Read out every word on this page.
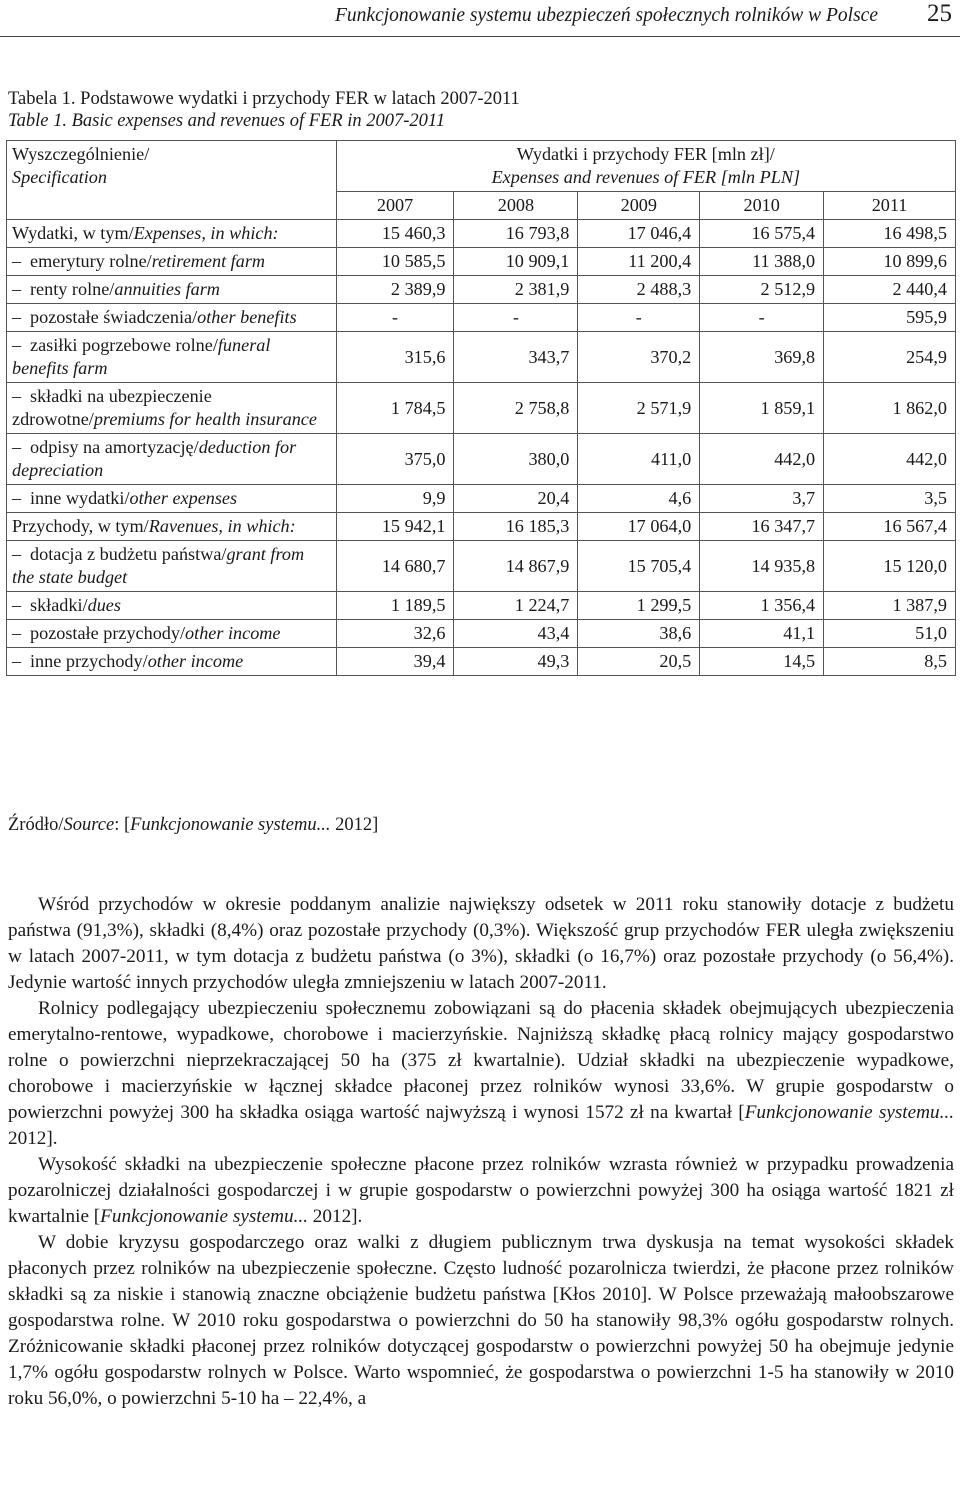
Funkcjonowanie systemu ubezpieczeń społecznych rolników w Polsce 25
Tabela 1. Podstawowe wydatki i przychody FER w latach 2007-2011
Table 1. Basic expenses and revenues of FER in 2007-2011
Wyszczególnienie/
Specification	Wydatki i przychody FER [mln zł]/
Expenses and revenues of FER [mln PLN]				
	2007	2008	2009	2010	2011
Wydatki, w tym/Expenses, in which:	15 460,3	16 793,8	17 046,4	16 575,4	16 498,5
– emerytury rolne/retirement farm	10 585,5	10 909,1	11 200,4	11 388,0	10 899,6
– renty rolne/annuities farm	2 389,9	2 381,9	2 488,3	2 512,9	2 440,4
– pozostałe świadczenia/other benefits	-	-	-	-	595,9
– zasiłki pogrzebowe rolne/funeral benefits farm	315,6	343,7	370,2	369,8	254,9
– składki na ubezpieczenie zdrowotne/premiums for health insurance	1 784,5	2 758,8	2 571,9	1 859,1	1 862,0
– odpisy na amortyzację/deduction for depreciation	375,0	380,0	411,0	442,0	442,0
– inne wydatki/other expenses	9,9	20,4	4,6	3,7	3,5
Przychody, w tym/Ravenues, in which:	15 942,1	16 185,3	17 064,0	16 347,7	16 567,4
– dotacja z budżetu państwa/grant from the state budget	14 680,7	14 867,9	15 705,4	14 935,8	15 120,0
– składki/dues	1 189,5	1 224,7	1 299,5	1 356,4	1 387,9
– pozostałe przychody/other income	32,6	43,4	38,6	41,1	51,0
– inne przychody/other income	39,4	49,3	20,5	14,5	8,5
Źródło/Source: [Funkcjonowanie systemu... 2012]

Wśród przychodów w okresie poddanym analizie największy odsetek w 2011 roku stanowiły dotacje z budżetu państwa (91,3%), składki (8,4%) oraz pozostałe przychody (0,3%). Większość grup przychodów FER uległa zwiększeniu w latach 2007-2011, w tym dotacja z budżetu państwa (o 3%), składki (o 16,7%) oraz pozostałe przychody (o 56,4%). Jedynie wartość innych przychodów uległa zmniejszeniu w latach 2007-2011.

Rolnicy podlegający ubezpieczeniu społecznemu zobowiązani są do płacenia składek obejmujących ubezpieczenia emerytalno-rentowe, wypadkowe, chorobowe i macierzyńskie. Najniższą składkę płacą rolnicy mający gospodarstwo rolne o powierzchni nieprzekraczającej 50 ha (375 zł kwartalnie). Udział składki na ubezpieczenie wypadkowe, chorobowe i macierzyńskie w łącznej składce płaconej przez rolników wynosi 33,6%. W grupie gospodarstw o powierzchni powyżej 300 ha składka osiąga wartość najwyższą i wynosi 1572 zł na kwartał [Funkcjonowanie systemu... 2012].

Wysokość składki na ubezpieczenie społeczne płacone przez rolników wzrasta również w przypadku prowadzenia pozarolniczej działalności gospodarczej i w grupie gospodarstw o powierzchni powyżej 300 ha osiąga wartość 1821 zł kwartalnie [Funkcjonowanie systemu... 2012].

W dobie kryzysu gospodarczego oraz walki z długiem publicznym trwa dyskusja na temat wysokości składek płaconych przez rolników na ubezpieczenie społeczne. Często ludność pozarolnicza twierdzi, że płacone przez rolników składki są za niskie i stanowią znaczne obciążenie budżetu państwa [Kłos 2010]. W Polsce przeważają małoobszarowe gospodarstwa rolne. W 2010 roku gospodarstwa o powierzchni do 50 ha stanowiły 98,3% ogółu gospodarstw rolnych. Zróżnicowanie składki płaconej przez rolników dotyczącej gospodarstw o powierzchni powyżej 50 ha obejmuje jedynie 1,7% ogółu gospodarstw rolnych w Polsce. Warto wspomnieć, że gospodarstwa o powierzchni 1-5 ha stanowiły w 2010 roku 56,0%, o powierzchni 5-10 ha – 22,4%, a
